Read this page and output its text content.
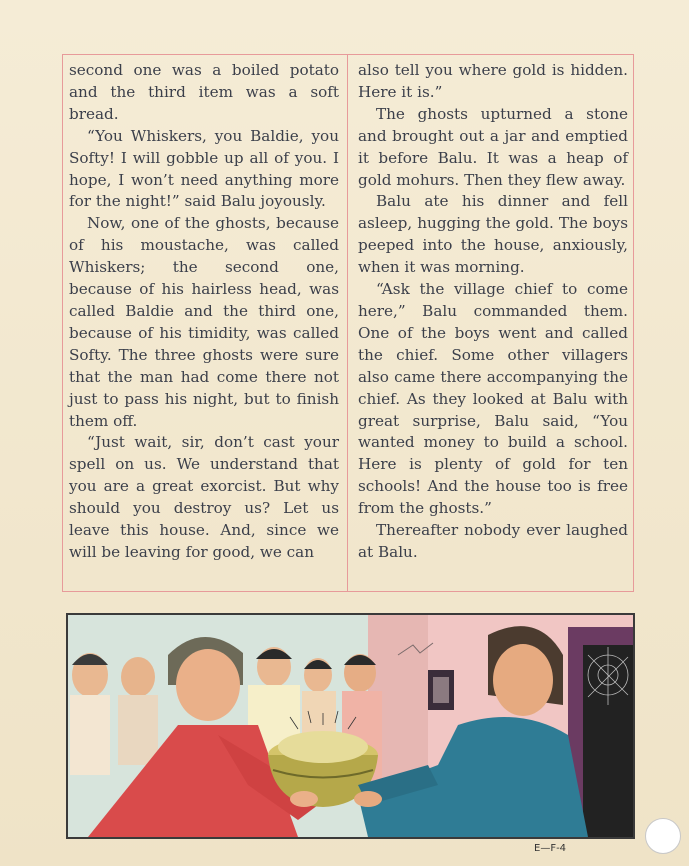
second one was a boiled potato and the third item was a soft bread.

“You Whiskers, you Baldie, you Softy! I will gobble up all of you. I hope, I won’t need anything more for the night!” said Balu joyously.

Now, one of the ghosts, because of his moustache, was called Whiskers; the second one, because of his hairless head, was called Baldie and the third one, because of his timidity, was called Softy. The three ghosts were sure that the man had come there not just to pass his night, but to finish them off.

“Just wait, sir, don’t cast your spell on us. We understand that you are a great exorcist. But why should you destroy us? Let us leave this house. And, since we will be leaving for good, we can

also tell you where gold is hidden. Here it is.”

The ghosts upturned a stone and brought out a jar and emptied it before Balu. It was a heap of gold mohurs. Then they flew away.

Balu ate his dinner and fell asleep, hugging the gold. The boys peeped into the house, anxiously, when it was morning.

“Ask the village chief to come here,” Balu commanded them. One of the boys went and called the chief. Some other villagers also came there accompanying the chief. As they looked at Balu with great surprise, Balu said, “You wanted money to build a school. Here is plenty of gold for ten schools! And the house too is free from the ghosts.”

Thereafter nobody ever laughed at Balu.

E—F-4
